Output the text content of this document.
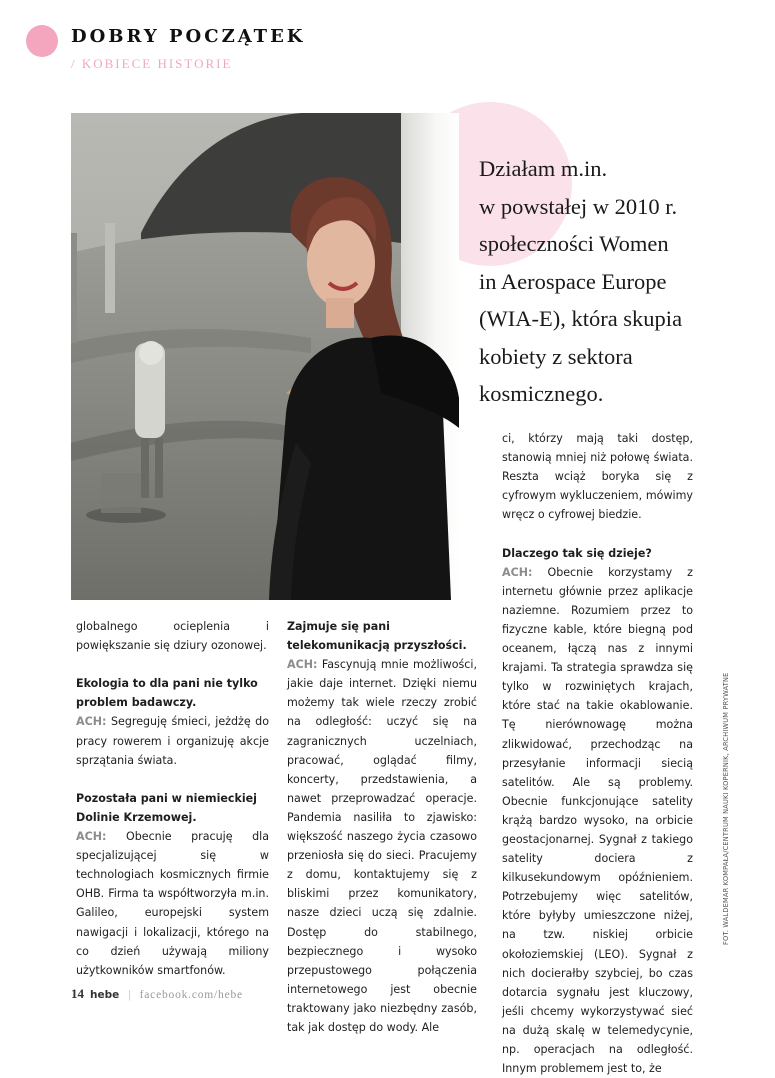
DOBRY POCZĄTEK
/ KOBIECE HISTORIE
Działam m.in.
w powstałej w 2010 r.
społeczności Women
in Aerospace Europe
(WIA-E), która skupia
kobiety z sektora
kosmicznego.

globalnego ocieplenia i powiększanie się dziury ozonowej.

Ekologia to dla pani nie tylko problem badawczy.

ACH: Segreguję śmieci, jeżdżę do pracy rowerem i organizuję akcje sprzątania świata.

Pozostała pani w niemieckiej Dolinie Krzemowej.

ACH: Obecnie pracuję dla specjalizującej się w technologiach kosmicznych firmie OHB. Firma ta współtworzyła m.in. Galileo, europejski system nawigacji i lokalizacji, którego na co dzień używają miliony użytkowników smartfonów.

Zajmuje się pani telekomunikacją przyszłości.

ACH: Fascynują mnie możliwości, jakie daje internet. Dzięki niemu możemy tak wiele rzeczy zrobić na odległość: uczyć się na zagranicznych uczelniach, pracować, oglądać filmy, koncerty, przedstawienia, a nawet przeprowadzać operacje. Pandemia nasiliła to zjawisko: większość naszego życia czasowo przeniosła się do sieci. Pracujemy z domu, kontaktujemy się z bliskimi przez komunikatory, nasze dzieci uczą się zdalnie. Dostęp do stabilnego, bezpiecznego i wysoko przepustowego połączenia internetowego jest obecnie traktowany jako niezbędny zasób, tak jak dostęp do wody. Ale

ci, którzy mają taki dostęp, stanowią mniej niż połowę świata. Reszta wciąż boryka się z cyfrowym wykluczeniem, mówimy wręcz o cyfrowej biedzie.

Dlaczego tak się dzieje?

ACH: Obecnie korzystamy z internetu głównie przez aplikacje naziemne. Rozumiem przez to fizyczne kable, które biegną pod oceanem, łączą nas z innymi krajami. Ta strategia sprawdza się tylko w rozwiniętych krajach, które stać na takie okablowanie. Tę nierównowagę można zlikwidować, przechodząc na przesyłanie informacji siecią satelitów. Ale są problemy. Obecnie funkcjonujące satelity krążą bardzo wysoko, na orbicie geostacjonarnej. Sygnał z takiego satelity dociera z kilkusekundowym opóźnieniem. Potrzebujemy więc satelitów, które byłyby umieszczone niżej, na tzw. niskiej orbicie okołoziemskiej (LEO). Sygnał z nich docierałby szybciej, bo czas dotarcia sygnału jest kluczowy, jeśli chcemy wykorzystywać sieć na dużą skalę w telemedycynie, np. operacjach na odległość. Innym problemem jest to, że

FOT. WALDEMAR KOMPAŁA/CENTRUM NAUKI KOPERNIK, ARCHIWUM PRYWATNE
14 hebe | facebook.com/hebe
